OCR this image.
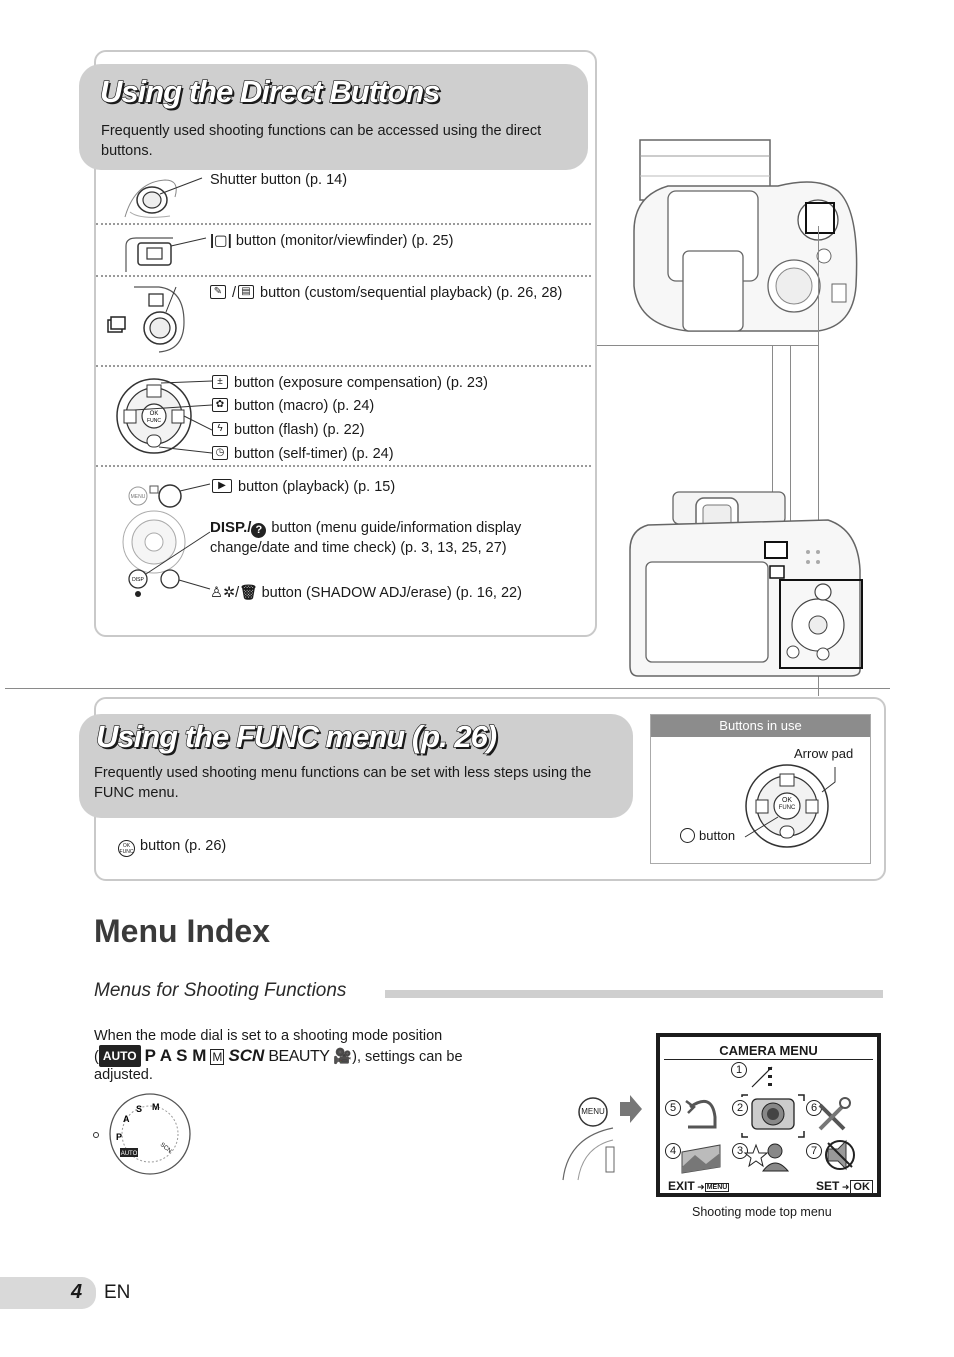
Using the Direct Buttons
Frequently used shooting functions can be accessed using the direct buttons.
Shutter button (p. 14)
|▢| button (monitor/viewfinder) (p. 25)
✎ / ▤ button (custom/sequential playback) (p. 26, 28)
OK
FUNC
± button (exposure compensation) (p. 23)
✿ button (macro) (p. 24)
ϟ button (flash) (p. 22)
◷ button (self-timer) (p. 24)
MENU
DISP
▶ button (playback) (p. 15)
DISP./ ? button (menu guide/information display
change/date and time check) (p. 3, 13, 25, 27)
♙✲/🗑 button (SHADOW ADJ/erase) (p. 16, 22)
Using the FUNC menu (p. 26)
Frequently used shooting menu functions can be set with less steps using the FUNC menu.
OK
FUNC button (p. 26)
Buttons in use
Arrow pad
OK
FUNC
button
Menu Index
Menus for Shooting Functions
When the mode dial is set to a shooting mode position
( AUTO P A S M M SCN BEAUTY 🎥), settings can be
adjusted.
P
A
S M
AUTO	SCN
MENU
CAMERA MENU
1
2
3
4
5	6
7
EXIT ➜ MENU	SET ➜ OK
Shooting mode top menu
4 EN
